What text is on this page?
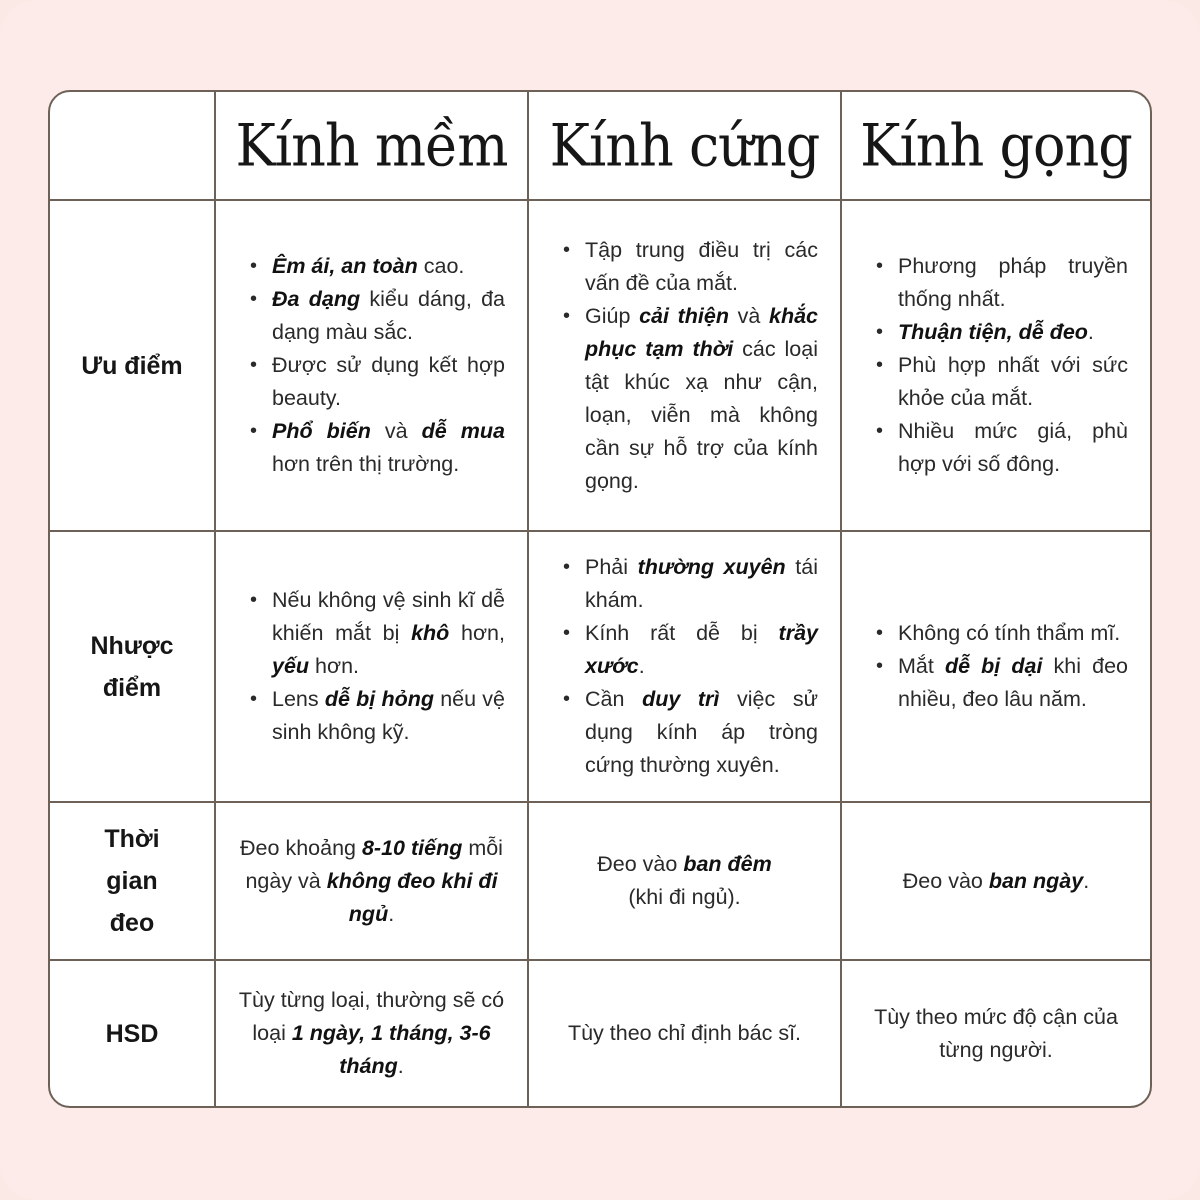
Kính mềm Kính cứng Kính gọng
Ưu điểm
• Êm ái, an toàn cao.
• Đa dạng kiểu dáng, đa dạng màu sắc.
• Được sử dụng kết hợp beauty.
• Phổ biến và dễ mua hơn trên thị trường.
• Tập trung điều trị các vấn đề của mắt.
• Giúp cải thiện và khắc phục tạm thời các loại tật khúc xạ như cận, loạn, viễn mà không cần sự hỗ trợ của kính gọng.
• Phương pháp truyền thống nhất.
• Thuận tiện, dễ đeo.
• Phù hợp nhất với sức khỏe của mắt.
• Nhiều mức giá, phù hợp với số đông.
Nhược
điểm
• Nếu không vệ sinh kĩ dễ khiến mắt bị khô hơn, yếu hơn.
• Lens dễ bị hỏng nếu vệ sinh không kỹ.
• Phải thường xuyên tái khám.
• Kính rất dễ bị trầy xước.
• Cần duy trì việc sử dụng kính áp tròng cứng thường xuyên.
• Không có tính thẩm mĩ.
• Mắt dễ bị dại khi đeo nhiều, đeo lâu năm.
Thời
gian
đeo
Đeo khoảng 8-10 tiếng mỗi ngày và không đeo khi đi ngủ.
Đeo vào ban đêm
(khi đi ngủ).
Đeo vào ban ngày.
HSD
Tùy từng loại, thường sẽ có loại 1 ngày, 1 tháng, 3-6 tháng.
Tùy theo chỉ định bác sĩ.
Tùy theo mức độ cận của từng người.
